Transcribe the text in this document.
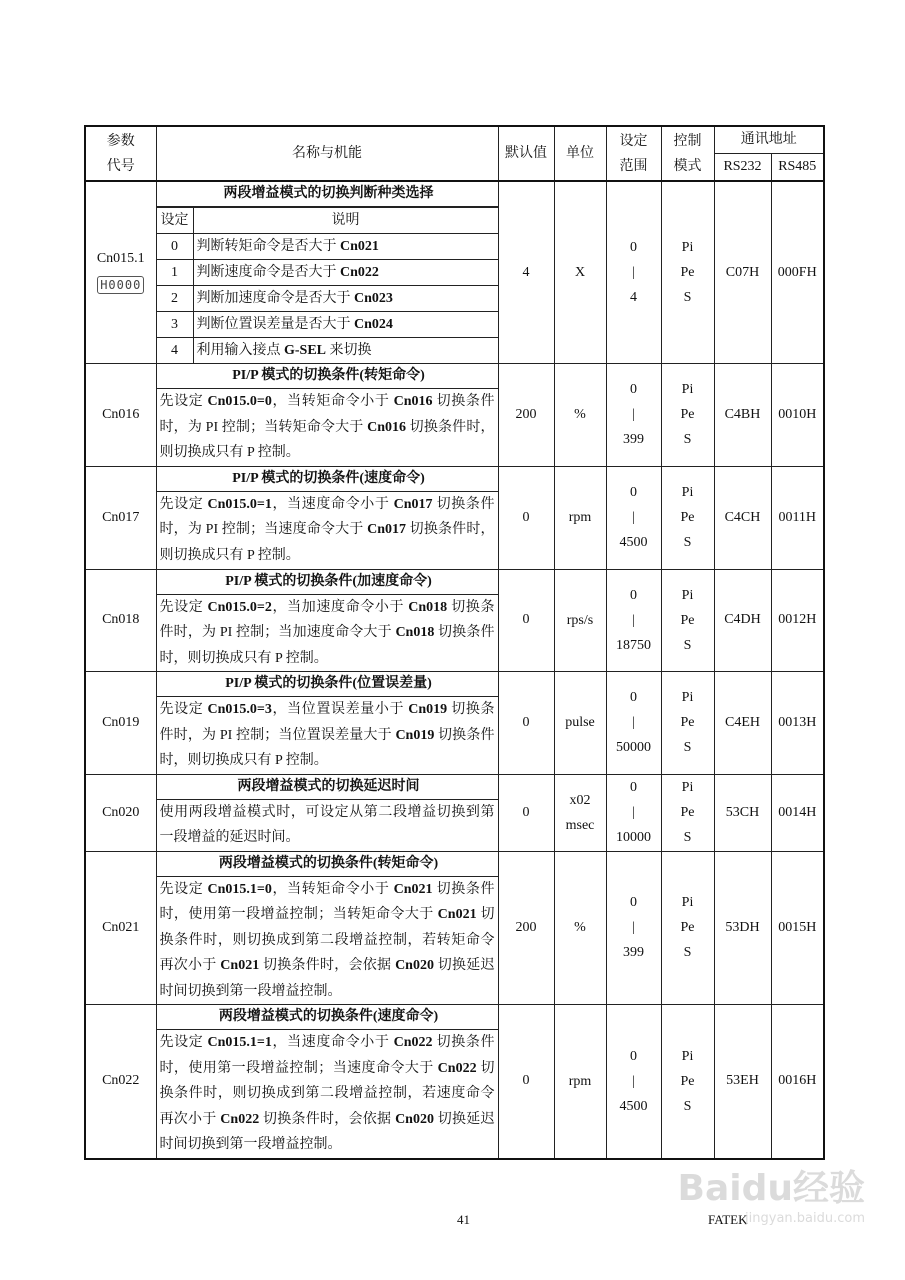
参数
代号
	名称与机能	默认值	单位	
设定
范围

控制
模式
	通讯地址
RS232	RS485

Cn015.1
H0000	
两段增益模式的切换判断种类选择
设定	说明
0	判断转矩命令是否大于 Cn021
1	判断速度命令是否大于 Cn022
2	判断加速度命令是否大于 Cn023
3	判断位置误差量是否大于 Cn024
4	利用输入接点 G-SEL 来切换
	4	X

0
|
4

Pi
Pe
S
	C07H	000FH

Cn016

PI/P 模式的切换条件(转矩命令)
先设定 Cn015.0=0，当转矩命令小于 Cn016 切换条件时，为 PI 控制；当转矩命令大于 Cn016 切换条件时，则切换成只有 P 控制。
	200	%

0
|
399

Pi
Pe
S
	C4BH	0010H

Cn017

PI/P 模式的切换条件(速度命令)
先设定 Cn015.0=1，当速度命令小于 Cn017 切换条件时，为 PI 控制；当速度命令大于 Cn017 切换条件时，则切换成只有 P 控制。
	0	rpm

0
|
4500

Pi
Pe
S
	C4CH	0011H

Cn018

PI/P 模式的切换条件(加速度命令)
先设定 Cn015.0=2，当加速度命令小于 Cn018 切换条件时，为 PI 控制；当加速度命令大于 Cn018 切换条件时，则切换成只有 P 控制。
	0	rps/s

0
|
18750

Pi
Pe
S
	C4DH	0012H

Cn019

PI/P 模式的切换条件(位置误差量)
先设定 Cn015.0=3，当位置误差量小于 Cn019 切换条件时，为 PI 控制；当位置误差量大于 Cn019 切换条件时，则切换成只有 P 控制。
	0	pulse

0
|
50000

Pi
Pe
S
	C4EH	0013H

Cn020

两段增益模式的切换延迟时间
使用两段增益模式时，可设定从第二段增益切换到第一段增益的延迟时间。
	0	
x02
msec

0
|
10000

Pi
Pe
S
	53CH	0014H

Cn021

两段增益模式的切换条件(转矩命令)
先设定 Cn015.1=0，当转矩命令小于 Cn021 切换条件时，使用第一段增益控制；当转矩命令大于 Cn021 切换条件时，则切换成到第二段增益控制，若转矩命令再次小于 Cn021 切换条件时，会依据 Cn020 切换延迟时间切换到第一段增益控制。
	200	%

0
|
399

Pi
Pe
S
	53DH	0015H

Cn022

两段增益模式的切换条件(速度命令)
先设定 Cn015.1=1，当速度命令小于 Cn022 切换条件时，使用第一段增益控制；当速度命令大于 Cn022 切换条件时，则切换成到第二段增益控制，若速度命令再次小于 Cn022 切换条件时，会依据 Cn020 切换延迟时间切换到第一段增益控制。
	0	rpm

0
|
4500

Pi
Pe
S
	53EH	0016H
41	FATEK
Baidu经验
jingyan.baidu.com
